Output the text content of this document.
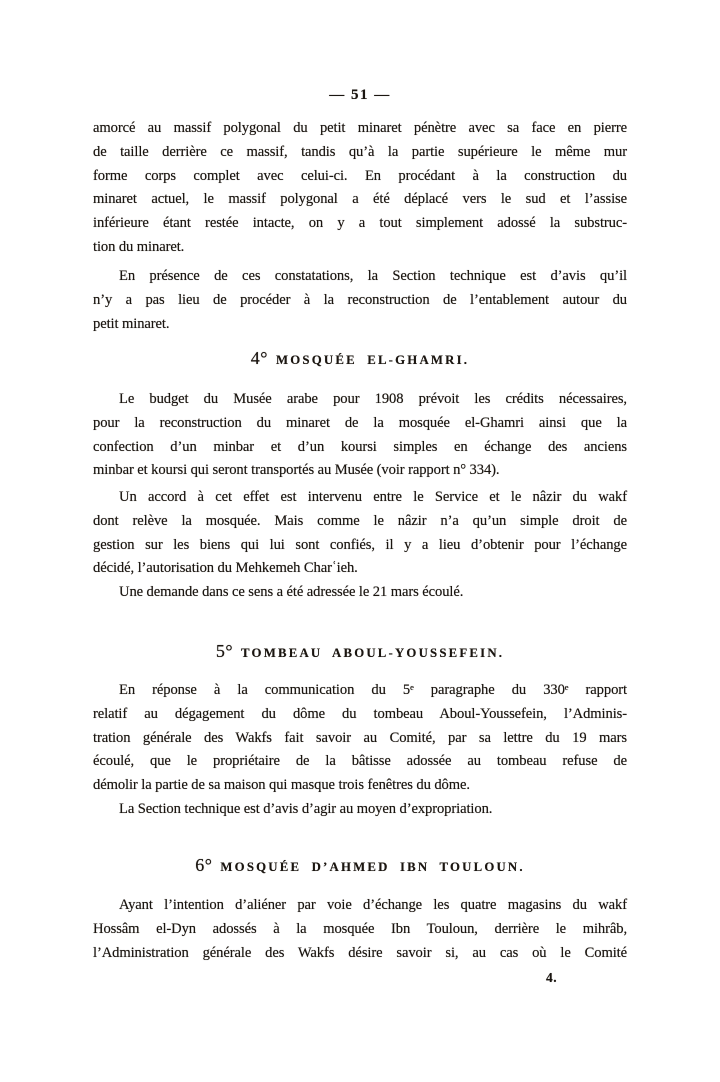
— 51 —
amorcé au massif polygonal du petit minaret pénètre avec sa face en pierre
de taille derrière ce massif, tandis qu’à la partie supérieure le même mur
forme corps complet avec celui-ci. En procédant à la construction du
minaret actuel, le massif polygonal a été déplacé vers le sud et l’assise
inférieure étant restée intacte, on y a tout simplement adossé la substruc-
tion du minaret.
En présence de ces constatations, la Section technique est d’avis qu’il
n’y a pas lieu de procéder à la reconstruction de l’entablement autour du
petit minaret.
4° MOSQUÉE EL-GHAMRI.
Le budget du Musée arabe pour 1908 prévoit les crédits nécessaires,
pour la reconstruction du minaret de la mosquée el-Ghamri ainsi que la
confection d’un minbar et d’un koursi simples en échange des anciens
minbar et koursi qui seront transportés au Musée (voir rapport n° 334).
Un accord à cet effet est intervenu entre le Service et le nâzir du wakf
dont relève la mosquée. Mais comme le nâzir n’a qu’un simple droit de
gestion sur les biens qui lui sont confiés, il y a lieu d’obtenir pour l’échange
décidé, l’autorisation du Mehkemeh Charʿieh.
Une demande dans ce sens a été adressée le 21 mars écoulé.
5° TOMBEAU ABOUL-YOUSSEFEIN.
En réponse à la communication du 5ᵉ paragraphe du 330ᵉ rapport
relatif au dégagement du dôme du tombeau Aboul-Youssefein, l’Adminis-
tration générale des Wakfs fait savoir au Comité, par sa lettre du 19 mars
écoulé, que le propriétaire de la bâtisse adossée au tombeau refuse de
démolir la partie de sa maison qui masque trois fenêtres du dôme.
La Section technique est d’avis d’agir au moyen d’expropriation.
6° MOSQUÉE D’AHMED IBN TOULOUN.
Ayant l’intention d’aliéner par voie d’échange les quatre magasins du wakf
Hossâm el-Dyn adossés à la mosquée Ibn Touloun, derrière le mihrâb,
l’Administration générale des Wakfs désire savoir si, au cas où le Comité
4.
